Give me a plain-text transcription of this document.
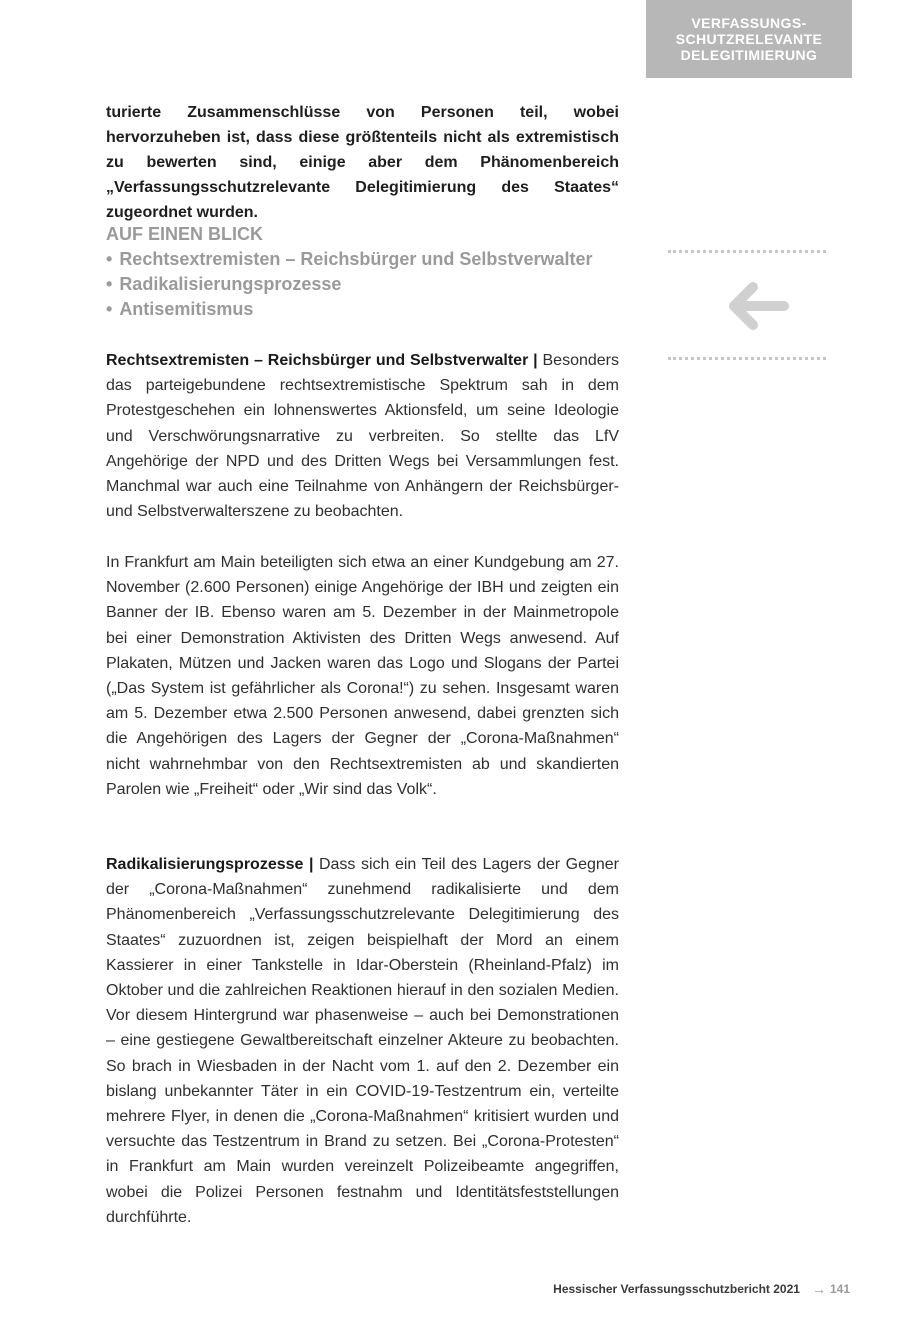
VERFASSUNGS-
SCHUTZRELEVANTE
DELEGITIMIERUNG
turierte Zusammenschlüsse von Personen teil, wobei hervorzuheben ist, dass diese größtenteils nicht als extremistisch zu bewerten sind, einige aber dem Phänomenbereich „Verfassungsschutzrelevante Delegitimierung des Staates“ zugeordnet wurden.
AUF EINEN BLICK
• Rechtsextremisten – Reichsbürger und Selbstverwalter
• Radikalisierungsprozesse
• Antisemitismus

Rechtsextremisten – Reichsbürger und Selbstverwalter | Besonders das parteigebundene rechtsextremistische Spektrum sah in dem Protestgeschehen ein lohnenswertes Aktionsfeld, um seine Ideologie und Verschwörungsnarrative zu verbreiten. So stellte das LfV Angehörige der NPD und des Dritten Wegs bei Versammlungen fest. Manchmal war auch eine Teilnahme von Anhängern der Reichsbürger- und Selbstverwalterszene zu beobachten.

In Frankfurt am Main beteiligten sich etwa an einer Kundgebung am 27. November (2.600 Personen) einige Angehörige der IBH und zeigten ein Banner der IB. Ebenso waren am 5. Dezember in der Mainmetropole bei einer Demonstration Aktivisten des Dritten Wegs anwesend. Auf Plakaten, Mützen und Jacken waren das Logo und Slogans der Partei („Das System ist gefährlicher als Corona!“) zu sehen. Insgesamt waren am 5. Dezember etwa 2.500 Personen anwesend, dabei grenzten sich die Angehörigen des Lagers der Gegner der „Corona-Maßnahmen“ nicht wahrnehmbar von den Rechtsextremisten ab und skandierten Parolen wie „Freiheit“ oder „Wir sind das Volk“.

Radikalisierungsprozesse | Dass sich ein Teil des Lagers der Gegner der „Corona-Maßnahmen“ zunehmend radikalisierte und dem Phänomenbereich „Verfassungsschutzrelevante Delegitimierung des Staates“ zuzuordnen ist, zeigen beispielhaft der Mord an einem Kassierer in einer Tankstelle in Idar-Oberstein (Rheinland-Pfalz) im Oktober und die zahlreichen Reaktionen hierauf in den sozialen Medien. Vor diesem Hintergrund war phasenweise – auch bei Demonstrationen – eine gestiegene Gewaltbereitschaft einzelner Akteure zu beobachten. So brach in Wiesbaden in der Nacht vom 1. auf den 2. Dezember ein bislang unbekannter Täter in ein COVID-19-Testzentrum ein, verteilte mehrere Flyer, in denen die „Corona-Maßnahmen“ kritisiert wurden und versuchte das Testzentrum in Brand zu setzen. Bei „Corona-Protesten“ in Frankfurt am Main wurden vereinzelt Polizeibeamte angegriffen, wobei die Polizei Personen festnahm und Identitätsfeststellungen durchführte.

Hessischer Verfassungsschutzbericht 2021 → 141
